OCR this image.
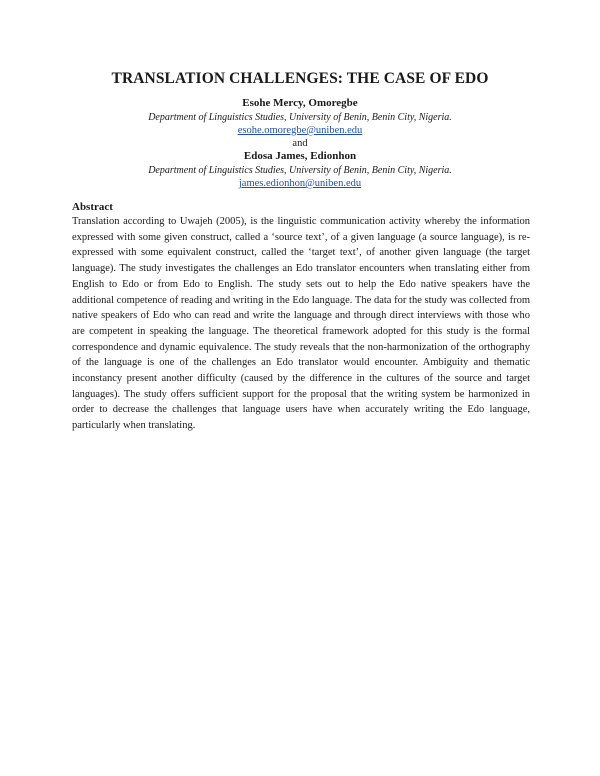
TRANSLATION CHALLENGES: THE CASE OF EDO
Esohe Mercy, Omoregbe
Department of Linguistics Studies, University of Benin, Benin City, Nigeria.
esohe.omoregbe@uniben.edu
and
Edosa James, Edionhon
Department of Linguistics Studies, University of Benin, Benin City, Nigeria.
james.edionhon@uniben.edu
Abstract
Translation according to Uwajeh (2005), is the linguistic communication activity whereby the information expressed with some given construct, called a ‘source text’, of a given language (a source language), is re-expressed with some equivalent construct, called the ‘target text’, of another given language (the target language). The study investigates the challenges an Edo translator encounters when translating either from English to Edo or from Edo to English. The study sets out to help the Edo native speakers have the additional competence of reading and writing in the Edo language. The data for the study was collected from native speakers of Edo who can read and write the language and through direct interviews with those who are competent in speaking the language. The theoretical framework adopted for this study is the formal correspondence and dynamic equivalence. The study reveals that the non-harmonization of the orthography of the language is one of the challenges an Edo translator would encounter. Ambiguity and thematic inconstancy present another difficulty (caused by the difference in the cultures of the source and target languages). The study offers sufficient support for the proposal that the writing system be harmonized in order to decrease the challenges that language users have when accurately writing the Edo language, particularly when translating.
